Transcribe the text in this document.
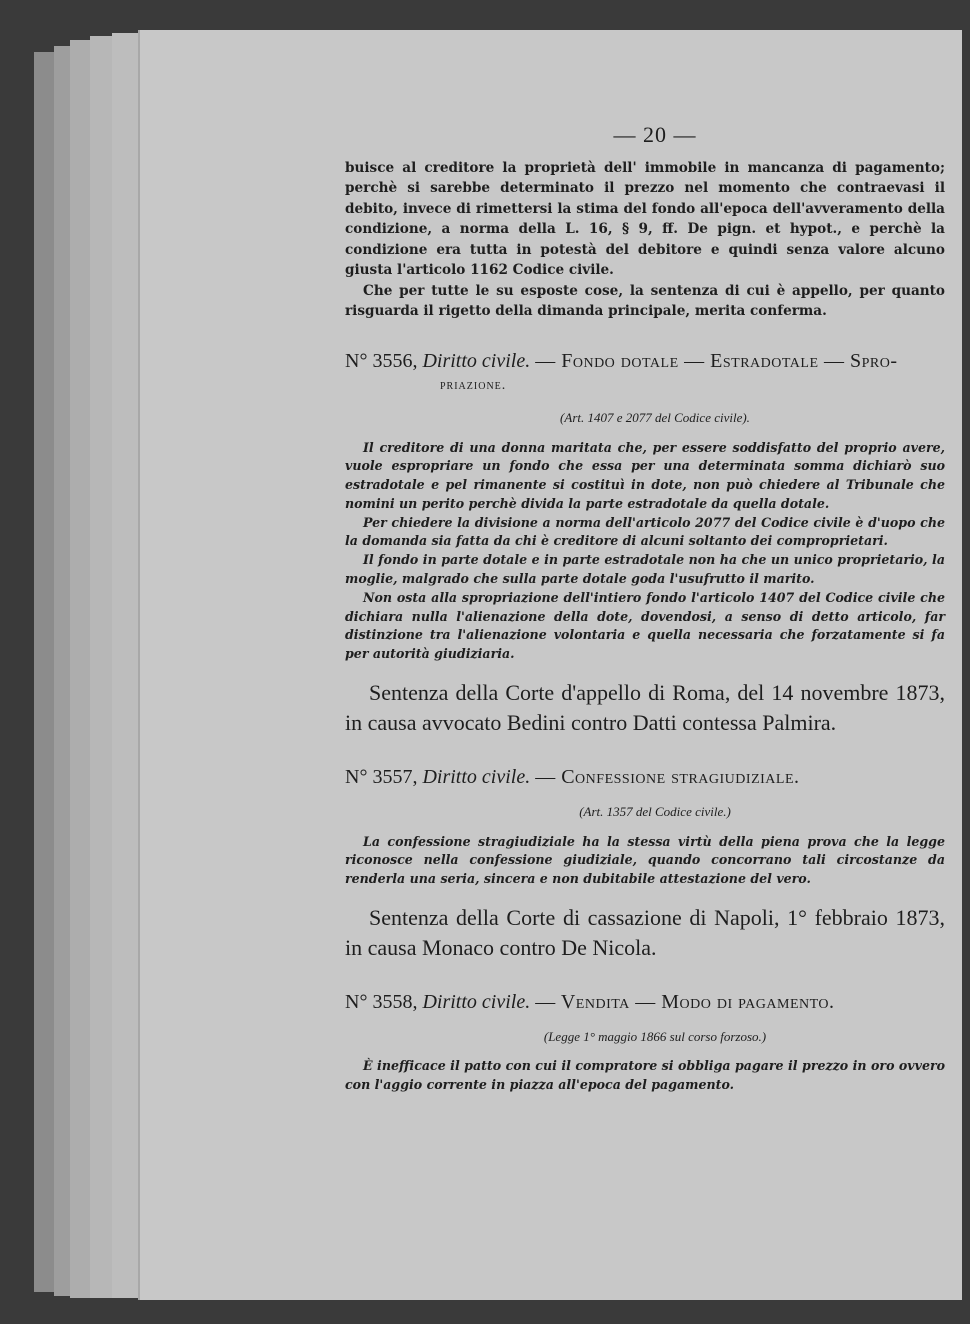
— 20 —

buisce al creditore la proprietà dell' immobile in mancanza di pagamento; perchè si sarebbe determinato il prezzo nel momento che contraevasi il debito, invece di rimettersi la stima del fondo all'epoca dell'avveramento della condizione, a norma della L. 16, § 9, ff. De pign. et hypot., e perchè la condizione era tutta in potestà del debitore e quindi senza valore alcuno giusta l'articolo 1162 Codice civile.

Che per tutte le su esposte cose, la sentenza di cui è appello, per quanto risguarda il rigetto della dimanda principale, merita conferma.

N° 3556, Diritto civile. — Fondo dotale — Estradotale — Spro-
priazione.
(Art. 1407 e 2077 del Codice civile).

Il creditore di una donna maritata che, per essere soddisfatto del proprio avere, vuole espropriare un fondo che essa per una determinata somma dichiarò suo estradotale e pel rimanente si costituì in dote, non può chiedere al Tribunale che nomini un perito perchè divida la parte estradotale da quella dotale.

Per chiedere la divisione a norma dell'articolo 2077 del Codice civile è d'uopo che la domanda sia fatta da chi è creditore di alcuni soltanto dei comproprietari.

Il fondo in parte dotale e in parte estradotale non ha che un unico proprietario, la moglie, malgrado che sulla parte dotale goda l'usufrutto il marito.

Non osta alla spropriazione dell'intiero fondo l'articolo 1407 del Codice civile che dichiara nulla l'alienazione della dote, dovendosi, a senso di detto articolo, far distinzione tra l'alienazione volontaria e quella necessaria che forzatamente si fa per autorità giudiziaria.

Sentenza della Corte d'appello di Roma, del 14 novembre 1873, in causa avvocato Bedini contro Datti contessa Palmira.

N° 3557, Diritto civile. — Confessione stragiudiziale.
(Art. 1357 del Codice civile.)

La confessione stragiudiziale ha la stessa virtù della piena prova che la legge riconosce nella confessione giudiziale, quando concorrano tali circostanze da renderla una seria, sincera e non dubitabile attestazione del vero.

Sentenza della Corte di cassazione di Napoli, 1° febbraio 1873, in causa Monaco contro De Nicola.

N° 3558, Diritto civile. — Vendita — Modo di pagamento.
(Legge 1° maggio 1866 sul corso forzoso.)

È inefficace il patto con cui il compratore si obbliga pagare il prezzo in oro ovvero con l'aggio corrente in piazza all'epoca del pagamento.
